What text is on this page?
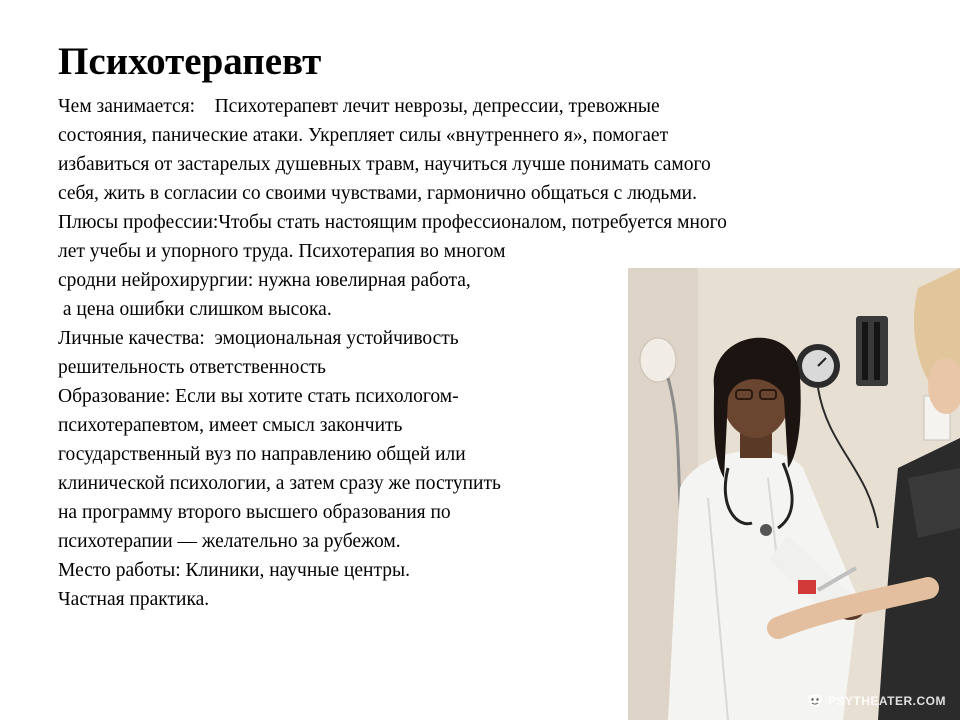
Психотерапевт
Чем занимается:    Психотерапевт лечит неврозы, депрессии, тревожные
состояния, панические атаки. Укрепляет силы «внутреннего я», помогает
избавиться от застарелых душевных травм, научиться лучше понимать самого
себя, жить в согласии со своими чувствами, гармонично общаться с людьми.
Плюсы профессии:Чтобы стать настоящим профессионалом, потребуется много
лет учебы и упорного труда. Психотерапия во многом
сродни нейрохирургии: нужна ювелирная работа,
а цена ошибки слишком высока.
Личные качества:  эмоциональная устойчивость
решительность ответственность
Образование: Если вы хотите стать психологом-
психотерапевтом, имеет смысл закончить
государственный вуз по направлению общей или
клинической психологии, а затем сразу же поступить
на программу второго высшего образования по
психотерапии — желательно за рубежом.
Место работы: Клиники, научные центры.
Частная практика.
PSYTHEATER.COM
